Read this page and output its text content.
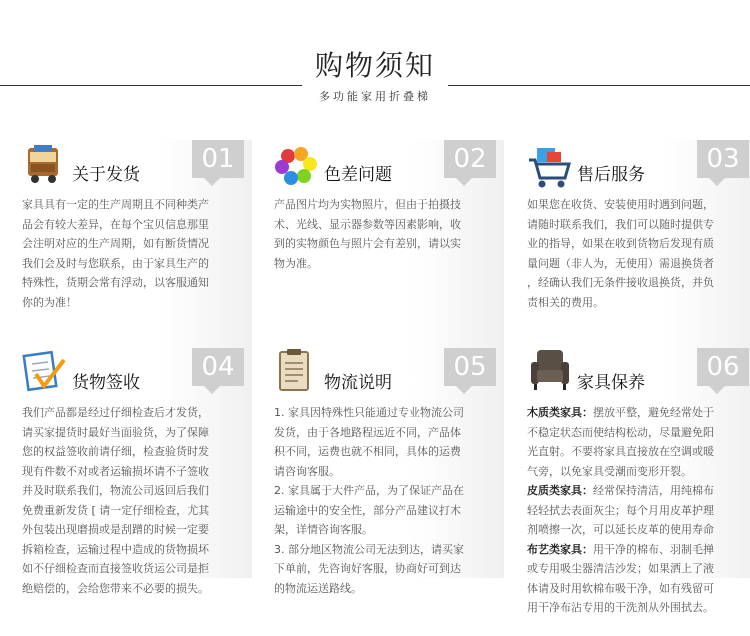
购物须知
多功能家用折叠梯
关于发货
01

家具具有一定的生产周期且不同种类产

品会有较大差异，在每个宝贝信息那里

会注明对应的生产周期，如有断货情况

我们会及时与您联系，由于家具生产的

特殊性，货期会常有浮动，以客服通知

你的为准！

色差问题
02

产品图片均为实物照片，但由于拍摄技

术、光线、显示器参数等因素影响，收

到的实物颜色与照片会有差别，请以实

物为准。

售后服务
03

如果您在收货、安装使用时遇到问题，

请随时联系我们，我们可以随时提供专

业的指导，如果在收到货物后发现有质

量问题（非人为，无使用）需退换货者

，经确认我们无条件接收退换货，并负

责相关的费用。

货物签收
04

我们产品都是经过仔细检查后才发货，

请买家提货时最好当面验货，为了保障

您的权益签收前请仔细，检查验货时发

现有件数不对或者运输损坏请不子签收

并及时联系我们，物流公司返回后我们

免费重新发货 [ 请一定仔细检查，尤其

外包装出现磨损或是刮蹭的时候一定要

拆箱检查，运输过程中造成的货物损坏

如不仔细检查而直接签收货运公司是拒

绝赔偿的，会给您带来不必要的损失。

物流说明
05

1. 家具因特殊性只能通过专业物流公司

发货，由于各地路程远近不同，产品体

积不同，运费也就不相同，具体的运费

请咨询客服。

2. 家具属于大件产品，为了保证产品在

运输途中的安全性，部分产品建议打木

架，详情咨询客服。

3. 部分地区物流公司无法到达，请买家

下单前，先咨询好客服，协商好可到达

的物流运送路线。

家具保养
06

木质类家具：摆放平整，避免经常处于

不稳定状态而使结构松动，尽量避免阳

光直射。不要将家具直接放在空调或暖

气旁，以免家具受潮而变形开裂。

皮质类家具：经常保持清洁，用纯棉布

轻轻拭去表面灰尘；每个月用皮革护理

剂喷擦一次，可以延长皮革的使用寿命

布艺类家具：用干净的棉布、羽制毛掸

或专用吸尘器清洁沙发；如果洒上了液

体请及时用软棉布吸干净，如有残留可

用干净布沾专用的干洗剂从外围拭去。
